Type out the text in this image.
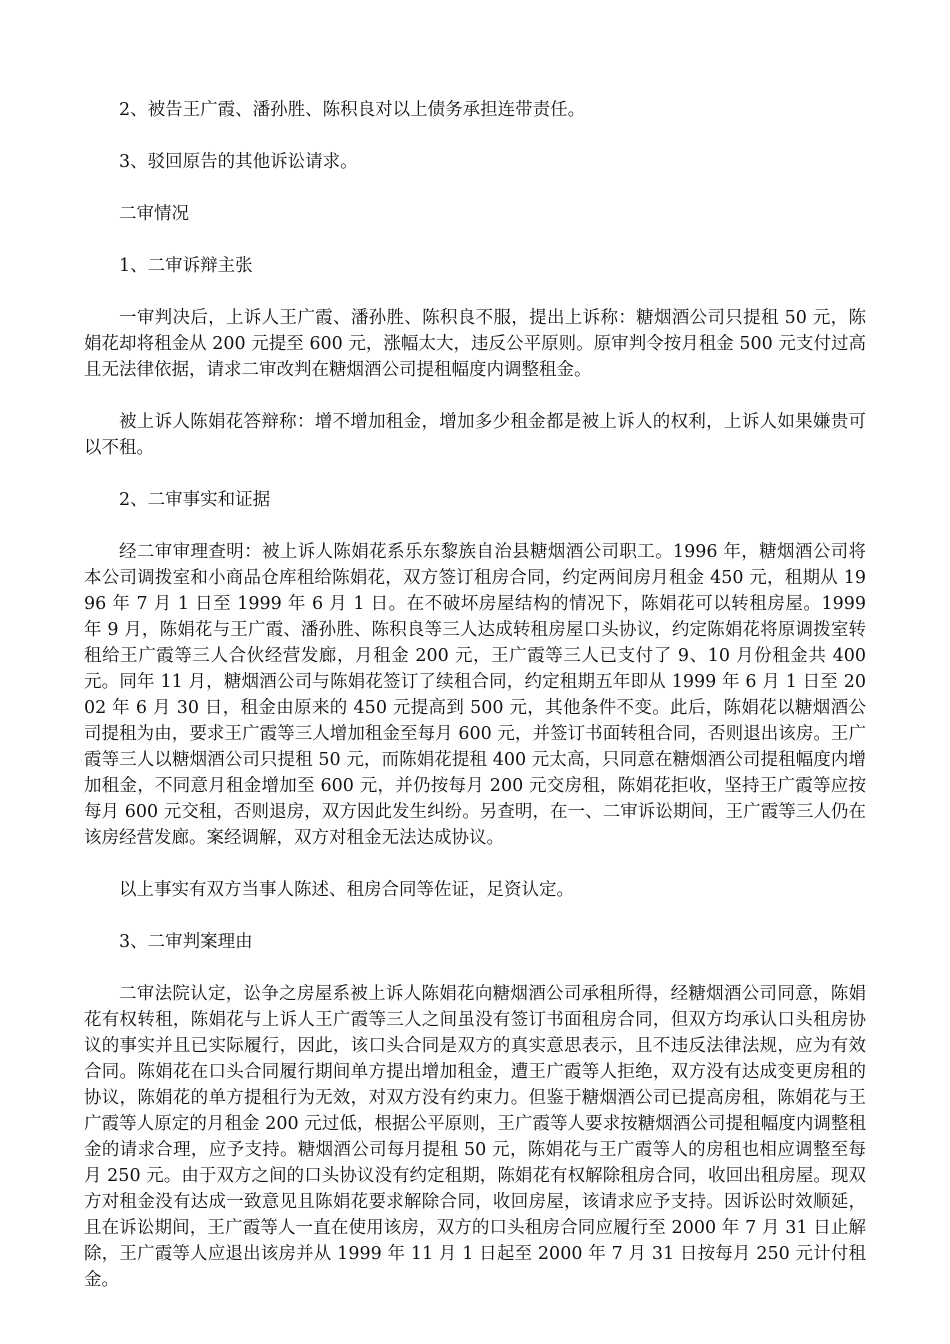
2、被告王广霞、潘孙胜、陈积良对以上债务承担连带责任。

3、驳回原告的其他诉讼请求。

二审情况

1、二审诉辩主张

一审判决后，上诉人王广霞、潘孙胜、陈积良不服，提出上诉称：糖烟酒公司只提租 50 元，陈娟花却将租金从 200 元提至 600 元，涨幅太大，违反公平原则。原审判令按月租金 500 元支付过高且无法律依据，请求二审改判在糖烟酒公司提租幅度内调整租金。

被上诉人陈娟花答辩称：增不增加租金，增加多少租金都是被上诉人的权利，上诉人如果嫌贵可以不租。

2、二审事实和证据

经二审审理查明：被上诉人陈娟花系乐东黎族自治县糖烟酒公司职工。1996 年，糖烟酒公司将本公司调拨室和小商品仓库租给陈娟花，双方签订租房合同，约定两间房月租金 450 元，租期从 1996 年 7 月 1 日至 1999 年 6 月 1 日。在不破坏房屋结构的情况下，陈娟花可以转租房屋。1999 年 9 月，陈娟花与王广霞、潘孙胜、陈积良等三人达成转租房屋口头协议，约定陈娟花将原调拨室转租给王广霞等三人合伙经营发廊，月租金 200 元，王广霞等三人已支付了 9、10 月份租金共 400 元。同年 11 月，糖烟酒公司与陈娟花签订了续租合同，约定租期五年即从 1999 年 6 月 1 日至 2002 年 6 月 30 日，租金由原来的 450 元提高到 500 元，其他条件不变。此后，陈娟花以糖烟酒公司提租为由，要求王广霞等三人增加租金至每月 600 元，并签订书面转租合同，否则退出该房。王广霞等三人以糖烟酒公司只提租 50 元，而陈娟花提租 400 元太高，只同意在糖烟酒公司提租幅度内增加租金，不同意月租金增加至 600 元，并仍按每月 200 元交房租，陈娟花拒收，坚持王广霞等应按每月 600 元交租，否则退房，双方因此发生纠纷。另查明，在一、二审诉讼期间，王广霞等三人仍在该房经营发廊。案经调解，双方对租金无法达成协议。

以上事实有双方当事人陈述、租房合同等佐证，足资认定。

3、二审判案理由

二审法院认定，讼争之房屋系被上诉人陈娟花向糖烟酒公司承租所得，经糖烟酒公司同意，陈娟花有权转租，陈娟花与上诉人王广霞等三人之间虽没有签订书面租房合同，但双方均承认口头租房协议的事实并且已实际履行，因此，该口头合同是双方的真实意思表示，且不违反法律法规，应为有效合同。陈娟花在口头合同履行期间单方提出增加租金，遭王广霞等人拒绝，双方没有达成变更房租的协议，陈娟花的单方提租行为无效，对双方没有约束力。但鉴于糖烟酒公司已提高房租，陈娟花与王广霞等人原定的月租金 200 元过低，根据公平原则，王广霞等人要求按糖烟酒公司提租幅度内调整租金的请求合理，应予支持。糖烟酒公司每月提租 50 元，陈娟花与王广霞等人的房租也相应调整至每月 250 元。由于双方之间的口头协议没有约定租期，陈娟花有权解除租房合同，收回出租房屋。现双方对租金没有达成一致意见且陈娟花要求解除合同，收回房屋，该请求应予支持。因诉讼时效顺延，且在诉讼期间，王广霞等人一直在使用该房，双方的口头租房合同应履行至 2000 年 7 月 31 日止解除，王广霞等人应退出该房并从 1999 年 11 月 1 日起至 2000 年 7 月 31 日按每月 250 元计付租金。
